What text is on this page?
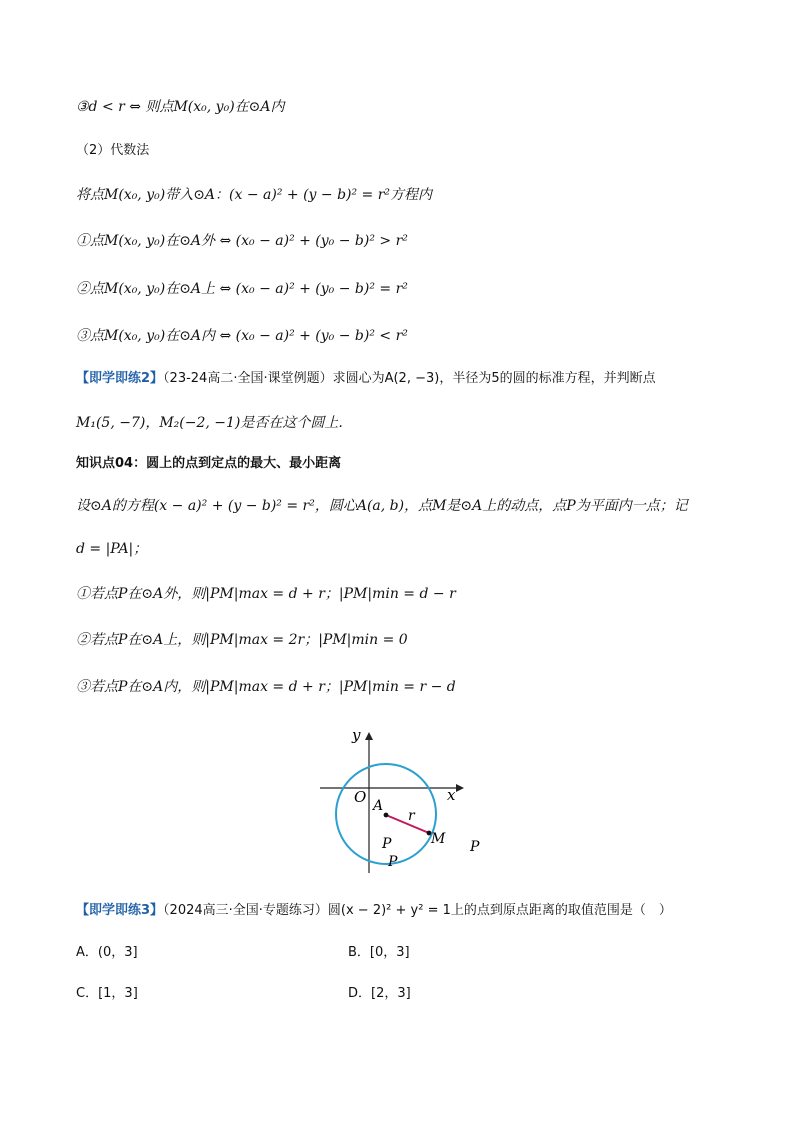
③d < r ⇔ 则点M(x₀, y₀)在⊙A内
（2）代数法
将点M(x₀, y₀)带入⊙A：(x − a)² + (y − b)² = r²方程内
①点M(x₀, y₀)在⊙A外 ⇔ (x₀ − a)² + (y₀ − b)² > r²
②点M(x₀, y₀)在⊙A上 ⇔ (x₀ − a)² + (y₀ − b)² = r²
③点M(x₀, y₀)在⊙A内 ⇔ (x₀ − a)² + (y₀ − b)² < r²
【即学即练2】（23-24高二·全国·课堂例题）求圆心为A(2, −3)，半径为5的圆的标准方程，并判断点
M₁(5, −7)，M₂(−2, −1)是否在这个圆上.
知识点04：圆上的点到定点的最大、最小距离
设⊙A的方程(x − a)² + (y − b)² = r²，圆心A(a, b)，点M是⊙A上的动点，点P为平面内一点；记
d = |PA|；
①若点P在⊙A外，则|PM|max = d + r；|PM|min = d − r
②若点P在⊙A上，则|PM|max = 2r；|PM|min = 0
③若点P在⊙A内，则|PM|max = d + r；|PM|min = r − d
y
x
O A
r
M
P
P
P
【即学即练3】（2024高三·全国·专题练习）圆(x − 2)² + y² = 1上的点到原点距离的取值范围是（　）
A．(0，3]	B．[0，3]
C．[1，3]	D．[2，3]
